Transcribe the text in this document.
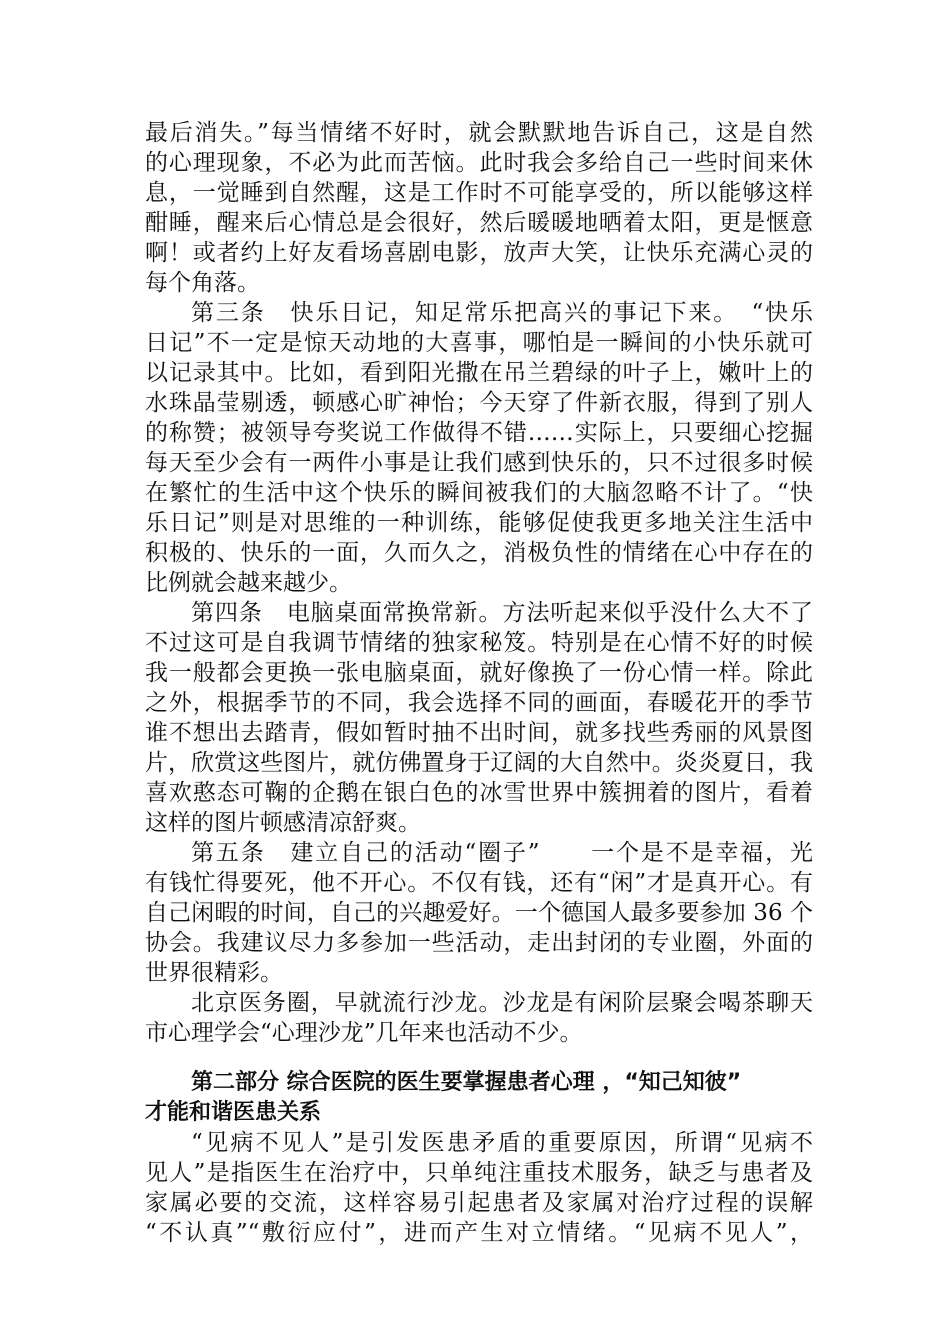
最后消失。”每当情绪不好时，就会默默地告诉自己，这是自然
的心理现象，不必为此而苦恼。此时我会多给自己一些时间来休
息，一觉睡到自然醒，这是工作时不可能享受的，所以能够这样
酣睡，醒来后心情总是会很好，然后暖暖地晒着太阳，更是惬意
啊！或者约上好友看场喜剧电影，放声大笑，让快乐充满心灵的
每个角落。
第三条　快乐日记，知足常乐把高兴的事记下来。　“快乐
日记”不一定是惊天动地的大喜事，哪怕是一瞬间的小快乐就可
以记录其中。比如，看到阳光撒在吊兰碧绿的叶子上，嫩叶上的
水珠晶莹剔透，顿感心旷神怡；今天穿了件新衣服，得到了别人
的称赞；被领导夸奖说工作做得不错……实际上，只要细心挖掘
每天至少会有一两件小事是让我们感到快乐的，只不过很多时候
在繁忙的生活中这个快乐的瞬间被我们的大脑忽略不计了。“快
乐日记”则是对思维的一种训练，能够促使我更多地关注生活中
积极的、快乐的一面，久而久之，消极负性的情绪在心中存在的
比例就会越来越少。
第四条　电脑桌面常换常新。方法听起来似乎没什么大不了
不过这可是自我调节情绪的独家秘笈。特别是在心情不好的时候
我一般都会更换一张电脑桌面，就好像换了一份心情一样。除此
之外，根据季节的不同，我会选择不同的画面，春暖花开的季节
谁不想出去踏青，假如暂时抽不出时间，就多找些秀丽的风景图
片，欣赏这些图片，就仿佛置身于辽阔的大自然中。炎炎夏日，我
喜欢憨态可鞠的企鹅在银白色的冰雪世界中簇拥着的图片，看着
这样的图片顿感清凉舒爽。
第五条　建立自己的活动“圈子”　　一个是不是幸福，光
有钱忙得要死，他不开心。不仅有钱，还有“闲”才是真开心。有
自己闲暇的时间，自己的兴趣爱好。一个德国人最多要参加 36 个
协会。我建议尽力多参加一些活动，走出封闭的专业圈，外面的
世界很精彩。
北京医务圈，早就流行沙龙。沙龙是有闲阶层聚会喝茶聊天
市心理学会“心理沙龙”几年来也活动不少。
第二部分 综合医院的医生要掌握患者心理 ，“知己知彼”
才能和谐医患关系
“见病不见人”是引发医患矛盾的重要原因，所谓“见病不
见人”是指医生在治疗中，只单纯注重技术服务，缺乏与患者及
家属必要的交流，这样容易引起患者及家属对治疗过程的误解
“不认真”“敷衍应付”，进而产生对立情绪。“见病不见人”，
